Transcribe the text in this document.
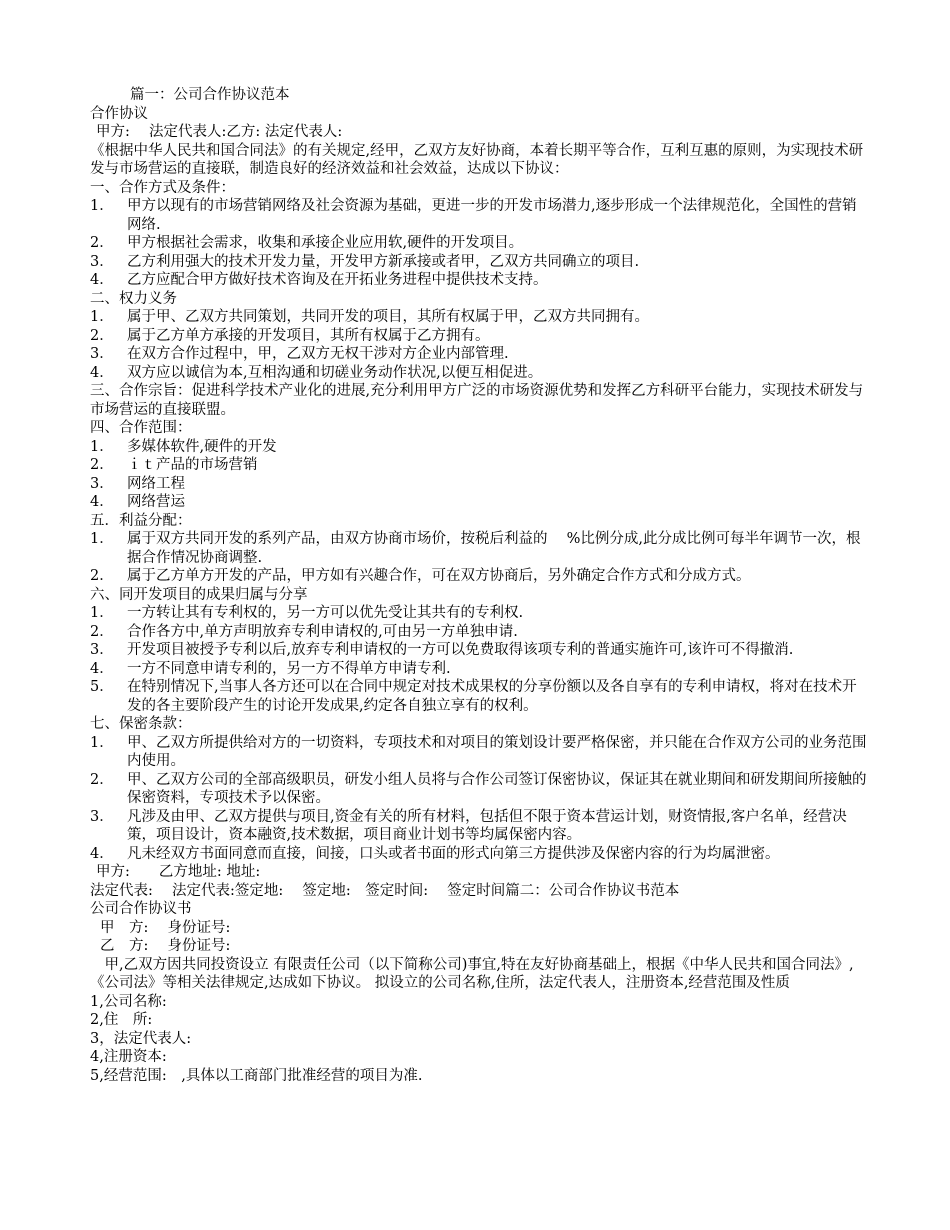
篇一：公司合作协议范本
合作协议
甲方:　 法定代表人:乙方: 法定代表人:
《根据中华人民共和国合同法》的有关规定,经甲，乙双方友好协商，本着长期平等合作，互利互惠的原则，为实现技术研发与市场营运的直接联，制造良好的经济效益和社会效益，达成以下协议：
一、合作方式及条件：
1． 甲方以现有的市场营销网络及社会资源为基础，更进一步的开发市场潜力,逐步形成一个法律规范化，全国性的营销网络.
2． 甲方根据社会需求，收集和承接企业应用软,硬件的开发项目。
3． 乙方利用强大的技术开发力量，开发甲方新承接或者甲，乙双方共同确立的项目.
4． 乙方应配合甲方做好技术咨询及在开拓业务进程中提供技术支持。
二、权力义务
1． 属于甲、乙双方共同策划，共同开发的项目，其所有权属于甲，乙双方共同拥有。
2． 属于乙方单方承接的开发项目，其所有权属于乙方拥有。
3． 在双方合作过程中，甲，乙双方无权干涉对方企业内部管理.
4． 双方应以诚信为本,互相沟通和切磋业务动作状况,以便互相促进。
三、合作宗旨：促进科学技术产业化的进展,充分利用甲方广泛的市场资源优势和发挥乙方科研平台能力，实现技术研发与市场营运的直接联盟。
四、合作范围：
1． 多媒体软件,硬件的开发
2． ｉｔ产品的市场营销
3． 网络工程
4． 网络营运
五．利益分配：
1． 属于双方共同开发的系列产品，由双方协商市场价，按税后利益的　 %比例分成,此分成比例可每半年调节一次，根据合作情况协商调整.
2． 属于乙方单方开发的产品，甲方如有兴趣合作，可在双方协商后，另外确定合作方式和分成方式。
六、同开发项目的成果归属与分享
1． 一方转让其有专利权的，另一方可以优先受让其共有的专利权.
2． 合作各方中,单方声明放弃专利申请权的,可由另一方单独申请.
3． 开发项目被授予专利以后,放弃专利申请权的一方可以免费取得该项专利的普通实施许可,该许可不得撤消.
4． 一方不同意申请专利的，另一方不得单方申请专利.
5． 在特别情况下,当事人各方还可以在合同中规定对技术成果权的分享份额以及各自享有的专利申请权，将对在技术开发的各主要阶段产生的讨论开发成果,约定各自独立享有的权利。
七、保密条款：
1． 甲、乙双方所提供给对方的一切资料，专项技术和对项目的策划设计要严格保密，并只能在合作双方公司的业务范围内使用。
2． 甲、乙双方公司的全部高级职员，研发小组人员将与合作公司签订保密协议，保证其在就业期间和研发期间所接触的保密资料，专项技术予以保密。
3． 凡涉及由甲、乙双方提供与项目,资金有关的所有材料，包括但不限于资本营运计划，财资情报,客户名单，经营决策，项目设计，资本融资,技术数据，项目商业计划书等均属保密内容。
4． 凡未经双方书面同意而直接，间接，口头或者书面的形式向第三方提供涉及保密内容的行为均属泄密。
甲方:　　乙方地址: 地址:
法定代表:　 法定代表:签定地:　 签定地:　签定时间:　 签定时间篇二：公司合作协议书范本
公司合作协议书
甲　方:　 身份证号:
乙　方:　 身份证号:
　甲,乙双方因共同投资设立 有限责任公司（以下简称公司)事宜,特在友好协商基础上，根据《中华人民共和国合同法》,《公司法》等相关法律规定,达成如下协议。 拟设立的公司名称,住所，法定代表人，注册资本,经营范围及性质
1,公司名称:
2,住　所:
3，法定代表人:
4,注册资本:
5,经营范围:　,具体以工商部门批准经营的项目为准.
